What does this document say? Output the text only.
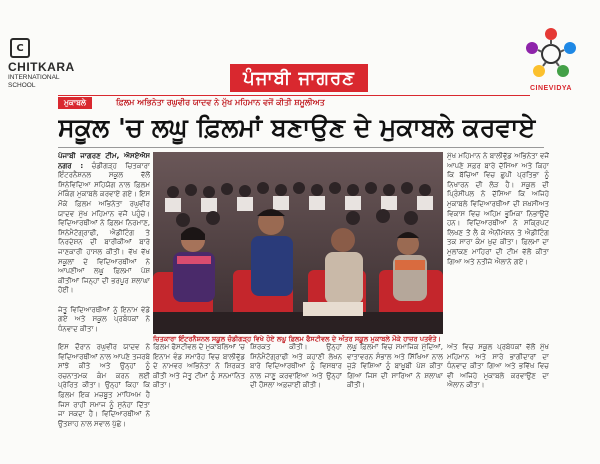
C
CHITKARA
INTERNATIONAL
SCHOOL	ਪੰਜਾਬੀ ਜਾਗਰਣ	CINEVIDYA
ਮੁਕਾਬਲੇ	ਫ਼ਿਲਮ ਅਭਿਨੇਤਾ ਰਘੁਵੀਰ ਯਾਦਵ ਨੇ ਮੁੱਖ ਮਹਿਮਾਨ ਵਜੋਂ ਕੀਤੀ ਸ਼ਮੂਲੀਅਤ
ਸਕੂਲ 'ਚ ਲਘੂ ਫ਼ਿਲਮਾਂ ਬਣਾਉਣ ਦੇ ਮੁਕਾਬਲੇ ਕਰਵਾਏ
ਪੰਜਾਬੀ ਜਾਗਰਣ ਟੀਮ, ਐਸਏਐਸ ਨਗਰ : ਚੰਡੀਗੜ੍ਹ ਚਿਤਕਾਰਾ ਇੰਟਰਨੈਸ਼ਨਲ ਸਕੂਲ ਵੱਲੋਂ ਸਿਨੇਵਿਦਿਆ ਸਹਿਯੋਗ ਨਾਲ ਫ਼ਿਲਮ ਮੇਕਿੰਗ ਮੁਕਾਬਲੇ ਕਰਵਾਏ ਗਏ। ਇਸ ਮੌਕੇ ਫ਼ਿਲਮ ਅਭਿਨੇਤਾ ਰਘੁਵੀਰ ਯਾਦਵ ਮੁੱਖ ਮਹਿਮਾਨ ਵਜੋਂ ਪਹੁੰਚੇ। ਵਿਦਿਆਰਥੀਆਂ ਨੇ ਫ਼ਿਲਮ ਨਿਰਮਾਣ, ਸਿਨੇਮੈਟੋਗ੍ਰਾਫੀ, ਐਡੀਟਿੰਗ ਤੇ ਨਿਰਦੇਸ਼ਨ ਦੀ ਬਾਰੀਕੀਆਂ ਬਾਰੇ ਜਾਣਕਾਰੀ ਹਾਸਲ ਕੀਤੀ। ਵੱਖ ਵੱਖ ਸਕੂਲਾਂ ਦੇ ਵਿਦਿਆਰਥੀਆਂ ਨੇ ਆਪਣੀਆਂ ਲਘੂ ਫ਼ਿਲਮਾਂ ਪੇਸ਼ ਕੀਤੀਆਂ ਜਿਨ੍ਹਾਂ ਦੀ ਭਰਪੂਰ ਸ਼ਲਾਘਾ ਹੋਈ।
ਜੇਤੂ ਵਿਦਿਆਰਥੀਆਂ ਨੂੰ ਇਨਾਮ ਵੰਡੇ ਗਏ ਅਤੇ ਸਕੂਲ ਪ੍ਰਬੰਧਕਾਂ ਨੇ ਧੰਨਵਾਦ ਕੀਤਾ।
ਇਸ ਦੌਰਾਨ ਰਘੁਵੀਰ ਯਾਦਵ ਨੇ ਵਿਦਿਆਰਥੀਆਂ ਨਾਲ ਆਪਣੇ ਤਜਰਬੇ ਸਾਂਝੇ ਕੀਤੇ ਅਤੇ ਉਨ੍ਹਾਂ ਨੂੰ ਰਚਨਾਤਮਕ ਕੰਮ ਕਰਨ ਲਈ ਪ੍ਰੇਰਿਤ ਕੀਤਾ। ਉਨ੍ਹਾਂ ਕਿਹਾ ਕਿ ਫ਼ਿਲਮ ਇਕ ਮਜ਼ਬੂਤ ਮਾਧਿਅਮ ਹੈ ਜਿਸ ਰਾਹੀਂ ਸਮਾਜ ਨੂੰ ਸੁਨੇਹਾ ਦਿੱਤਾ ਜਾ ਸਕਦਾ ਹੈ। ਵਿਦਿਆਰਥੀਆਂ ਨੇ ਉਤਸ਼ਾਹ ਨਾਲ ਸਵਾਲ ਪੁੱਛੇ।
ਚਿਤਕਾਰਾ ਇੰਟਰਨੈਸ਼ਨਲ ਸਕੂਲ ਚੰਡੀਗੜ੍ਹ ਵਿਖੇ ਹੋਏ ਲਘੂ ਫ਼ਿਲਮ ਫੈਸਟੀਵਲ ਦੇ ਅੰਤਰ ਸਕੂਲ ਮੁਕਾਬਲੇ ਮੌਕੇ ਹਾਜ਼ਰ ਪਤਵੰਤੇ।
ਮੁੱਖ ਮਹਿਮਾਨ ਨੇ ਬਾਲੀਵੁੱਡ ਅਭਿਨੇਤਾ ਵਜੋਂ ਆਪਣੇ ਸਫ਼ਰ ਬਾਰੇ ਦੱਸਿਆ ਅਤੇ ਕਿਹਾ ਕਿ ਬੱਚਿਆਂ ਵਿਚ ਛੁਪੀ ਪ੍ਰਤਿਭਾ ਨੂੰ ਨਿਖਾਰਨ ਦੀ ਲੋੜ ਹੈ। ਸਕੂਲ ਦੀ ਪ੍ਰਿੰਸੀਪਲ ਨੇ ਦੱਸਿਆ ਕਿ ਅਜਿਹੇ ਮੁਕਾਬਲੇ ਵਿਦਿਆਰਥੀਆਂ ਦੀ ਸ਼ਖ਼ਸੀਅਤ ਵਿਕਾਸ ਵਿਚ ਅਹਿਮ ਭੂਮਿਕਾ ਨਿਭਾਉਂਦੇ ਹਨ। ਵਿਦਿਆਰਥੀਆਂ ਨੇ ਸਕ੍ਰਿਪਟ ਲਿਖਣ ਤੋਂ ਲੈ ਕੇ ਐਨੀਮੇਸ਼ਨ ਤੇ ਐਡੀਟਿੰਗ ਤਕ ਸਾਰਾ ਕੰਮ ਖ਼ੁਦ ਕੀਤਾ। ਫ਼ਿਲਮਾਂ ਦਾ ਮੁਲਾਂਕਣ ਮਾਹਿਰਾਂ ਦੀ ਟੀਮ ਵੱਲੋਂ ਕੀਤਾ ਗਿਆ ਅਤੇ ਨਤੀਜੇ ਐਲਾਨੇ ਗਏ।
ਫ਼ਿਲਮ ਫੈਸਟੀਵਲ ਦੇ ਮੁਕਾਬਲਿਆਂ 'ਚ ਇਨਾਮ ਵੰਡ ਸਮਾਰੋਹ ਵਿਚ ਬਾਲੀਵੁੱਡ ਦੇ ਨਾਮਵਰ ਅਭਿਨੇਤਾ ਨੇ ਸ਼ਿਰਕਤ ਕੀਤੀ ਅਤੇ ਜੇਤੂ ਟੀਮਾਂ ਨੂੰ ਸਨਮਾਨਿਤ ਕੀਤਾ।
ਸ਼ਿਰਕਤ ਕੀਤੀ। ਉਨ੍ਹਾਂ ਸਿਨੇਮੈਟੋਗ੍ਰਾਫੀ ਅਤੇ ਕਹਾਣੀ ਲੇਖਨ ਬਾਰੇ ਵਿਦਿਆਰਥੀਆਂ ਨੂੰ ਵਿਸਥਾਰ ਨਾਲ ਜਾਣੂ ਕਰਵਾਇਆ ਅਤੇ ਉਨ੍ਹਾਂ ਦੀ ਹੌਸਲਾ ਅਫ਼ਜ਼ਾਈ ਕੀਤੀ।
ਲਘੂ ਫ਼ਿਲਮਾਂ ਵਿਚ ਸਮਾਜਿਕ ਮੁੱਦਿਆਂ, ਵਾਤਾਵਰਨ ਸੰਭਾਲ ਅਤੇ ਸਿੱਖਿਆ ਨਾਲ ਜੁੜੇ ਵਿਸ਼ਿਆਂ ਨੂੰ ਬਾਖ਼ੂਬੀ ਪੇਸ਼ ਕੀਤਾ ਗਿਆ ਜਿਸ ਦੀ ਸਾਰਿਆਂ ਨੇ ਸ਼ਲਾਘਾ ਕੀਤੀ।
ਅੰਤ ਵਿਚ ਸਕੂਲ ਪ੍ਰਬੰਧਕਾਂ ਵੱਲੋਂ ਮੁੱਖ ਮਹਿਮਾਨ ਅਤੇ ਸਾਰੇ ਭਾਗੀਦਾਰਾਂ ਦਾ ਧੰਨਵਾਦ ਕੀਤਾ ਗਿਆ ਅਤੇ ਭਵਿੱਖ ਵਿਚ ਵੀ ਅਜਿਹੇ ਮੁਕਾਬਲੇ ਕਰਵਾਉਣ ਦਾ ਐਲਾਨ ਕੀਤਾ।
